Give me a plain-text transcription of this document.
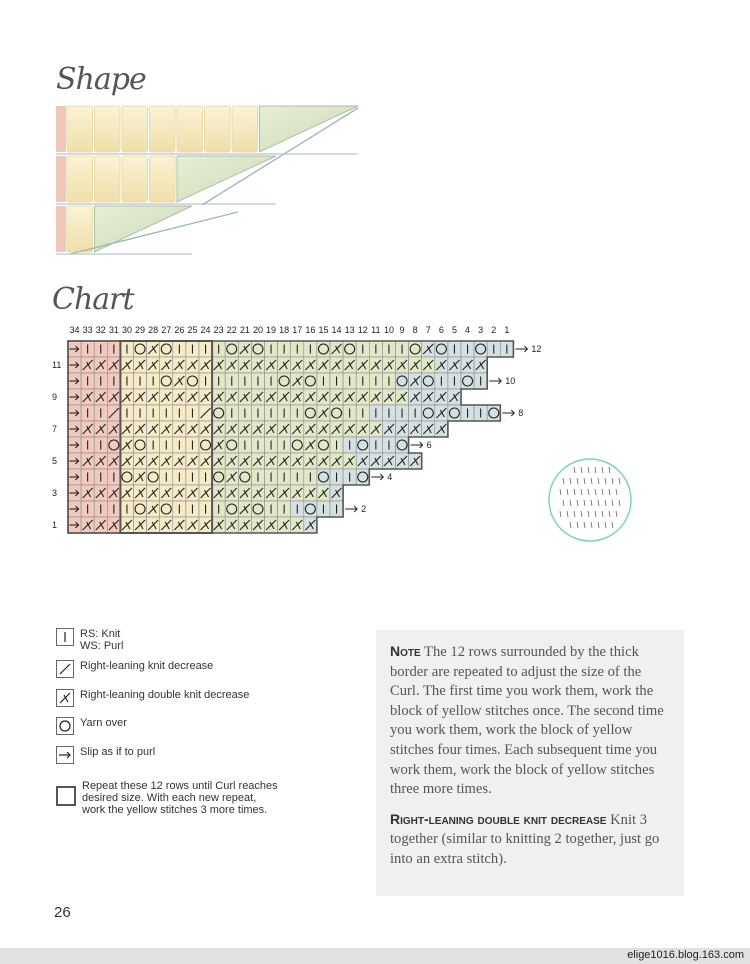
Shape
Chart
34 33 32 31 30 29 28 27 26 25 24 23 22 21 20 19 18 17 16 15 14 13 12 11 10 9 8 7 6 5 4 3 2 1
12
11
10
9
8
7
6
5
4
3
2
1
RS: Knit
WS: Purl
Right-leaning knit decrease
Right-leaning double knit decrease
Yarn over
Slip as if to purl
Repeat these 12 rows until Curl reaches
desired size. With each new repeat,
work the yellow stitches 3 more times.

Note The 12 rows surrounded by the thick border are repeated to adjust the size of the Curl. The first time you work them, work the block of yellow stitches once. The second time you work them, work the block of yellow stitches four times. Each subsequent time you work them, work the block of yellow stitches three more times.

Right-leaning double knit decrease Knit 3 together (similar to knitting 2 together, just go into an extra stitch).

26
elige1016.blog.163.com
